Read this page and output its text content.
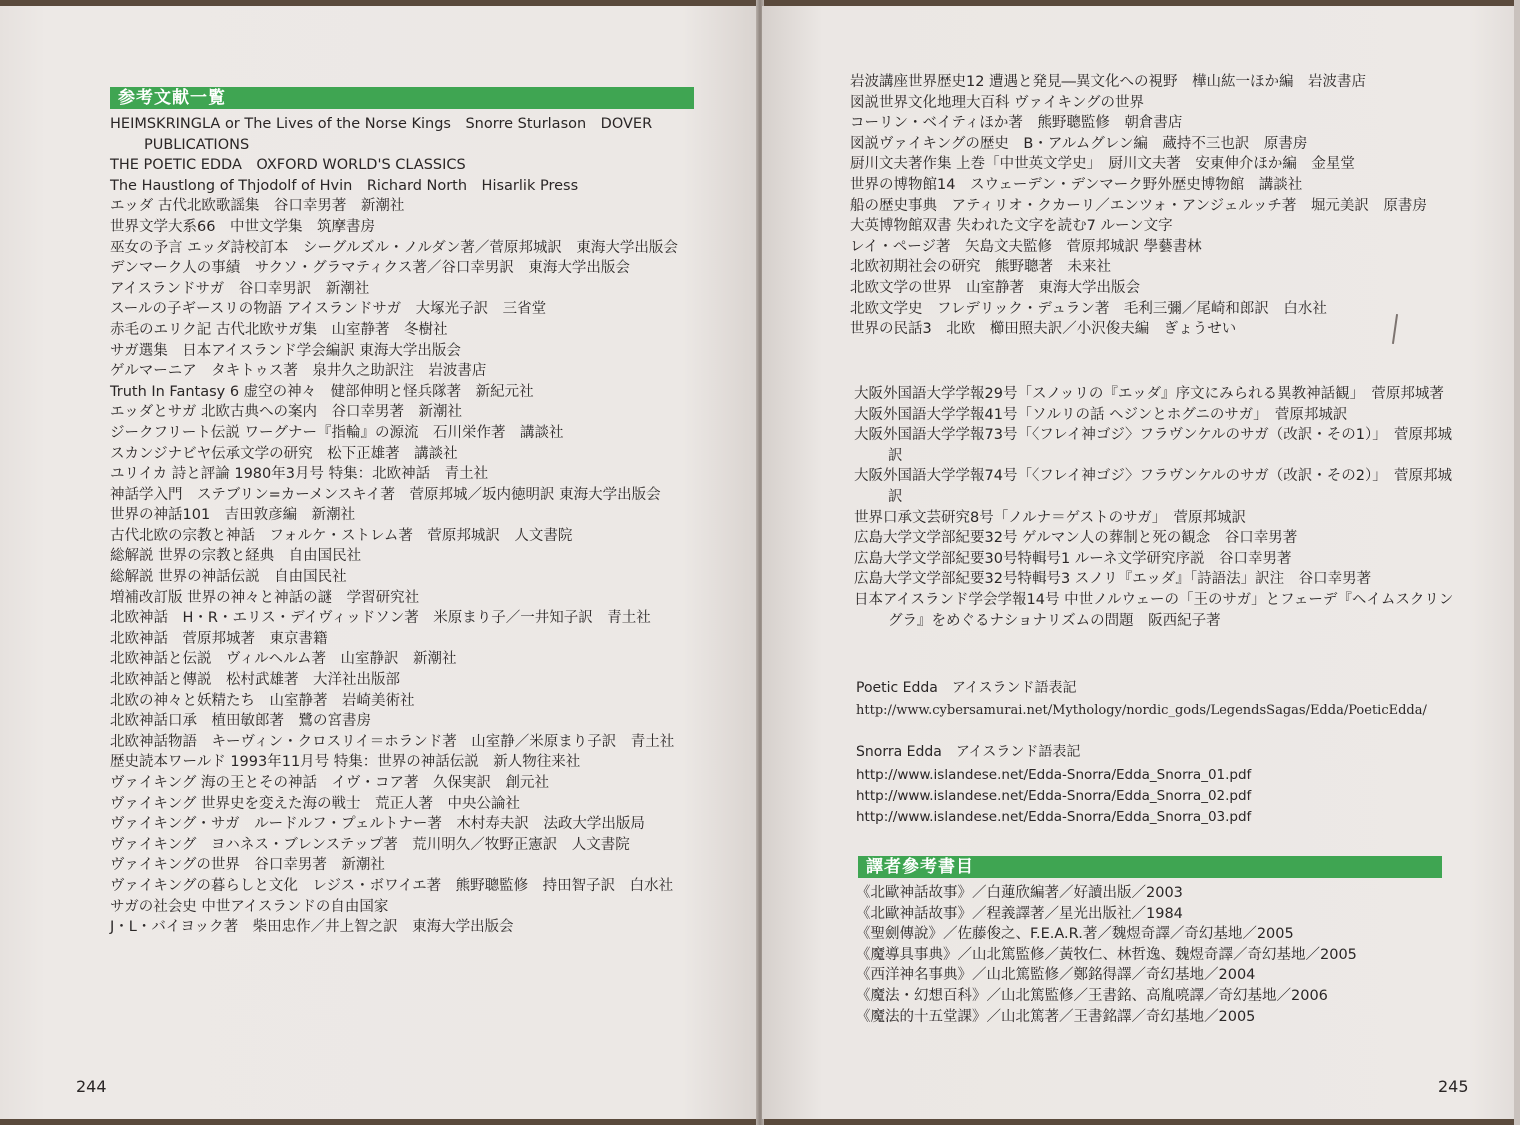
参考文献一覧
HEIMSKRINGLA or The Lives of the Norse Kings　Snorre Sturlason　DOVER PUBLICATIONS
THE POETIC EDDA　OXFORD WORLD'S CLASSICS
The Haustlong of Thjodolf of Hvin　Richard North　Hisarlik Press
エッダ 古代北欧歌謡集　谷口幸男著　新潮社
世界文学大系66　中世文学集　筑摩書房
巫女の予言 エッダ詩校訂本　シーグルズル・ノルダン著／菅原邦城訳　東海大学出版会
デンマーク人の事績　サクソ・グラマティクス著／谷口幸男訳　東海大学出版会
アイスランドサガ　谷口幸男訳　新潮社
スールの子ギースリの物語 アイスランドサガ　大塚光子訳　三省堂
赤毛のエリク記 古代北欧サガ集　山室静著　冬樹社
サガ選集　日本アイスランド学会編訳 東海大学出版会
ゲルマーニア　タキトゥス著　泉井久之助訳注　岩波書店
Truth In Fantasy 6 虚空の神々　健部伸明と怪兵隊著　新紀元社
エッダとサガ 北欧古典への案内　谷口幸男著　新潮社
ジークフリート伝説 ワーグナー『指輪』の源流　石川栄作著　講談社
スカンジナビヤ伝承文学の研究　松下正雄著　講談社
ユリイカ 詩と評論 1980年3月号 特集：北欧神話　青土社
神話学入門　ステブリン=カーメンスキイ著　菅原邦城／坂内徳明訳 東海大学出版会
世界の神話101　吉田敦彦編　新潮社
古代北欧の宗教と神話　フォルケ・ストレム著　菅原邦城訳　人文書院
総解説 世界の宗教と経典　自由国民社
総解説 世界の神話伝説　自由国民社
増補改訂版 世界の神々と神話の謎　学習研究社
北欧神話　H・R・エリス・デイヴィッドソン著　米原まり子／一井知子訳　青土社
北欧神話　菅原邦城著　東京書籍
北欧神話と伝説　ヴィルヘルム著　山室静訳　新潮社
北欧神話と傳説　松村武雄著　大洋社出版部
北欧の神々と妖精たち　山室静著　岩崎美術社
北欧神話口承　植田敏郎著　鷺の宮書房
北欧神話物語　キーヴィン・クロスリイ＝ホランド著　山室静／米原まり子訳　青土社
歴史読本ワールド 1993年11月号 特集：世界の神話伝説　新人物往来社
ヴァイキング 海の王とその神話　イヴ・コア著　久保実訳　創元社
ヴァイキング 世界史を変えた海の戦士　荒正人著　中央公論社
ヴァイキング・サガ　ルードルフ・プェルトナー著　木村寿夫訳　法政大学出版局
ヴァイキング　ヨハネス・ブレンステップ著　荒川明久／牧野正憲訳　人文書院
ヴァイキングの世界　谷口幸男著　新潮社
ヴァイキングの暮らしと文化　レジス・ボワイエ著　熊野聰監修　持田智子訳　白水社
サガの社会史 中世アイスランドの自由国家
J・L・バイヨック著　柴田忠作／井上智之訳　東海大学出版会
244
岩波講座世界歴史12 遭遇と発見―異文化への視野　樺山紘一ほか編　岩波書店
図説世界文化地理大百科 ヴァイキングの世界
コーリン・ベイティほか著　熊野聰監修　朝倉書店
図説ヴァイキングの歴史　B・アルムグレン編　蔵持不三也訳　原書房
厨川文夫著作集 上巻「中世英文学史」　厨川文夫著　安東伸介ほか編　金星堂
世界の博物館14　スウェーデン・デンマーク野外歴史博物館　講談社
船の歴史事典　アティリオ・クカーリ／エンツォ・アンジェルッチ著　堀元美訳　原書房
大英博物館双書 失われた文字を読む7 ルーン文字
レイ・ページ著　矢島文夫監修　菅原邦城訳 學藝書林
北欧初期社会の研究　熊野聰著　未来社
北欧文学の世界　山室静著　東海大学出版会
北欧文学史　フレデリック・デュラン著　毛利三彌／尾崎和郎訳　白水社
世界の民話3　北欧　櫛田照夫訳／小沢俊夫編　ぎょうせい
大阪外国語大学学報29号「スノッリの『エッダ』序文にみられる異教神話観」　菅原邦城著
大阪外国語大学学報41号「ソルリの話 ヘジンとホグニのサガ」　菅原邦城訳
大阪外国語大学学報73号「〈フレイ神ゴジ〉フラヴンケルのサガ（改訳・その1）」　菅原邦城訳
大阪外国語大学学報74号「〈フレイ神ゴジ〉フラヴンケルのサガ（改訳・その2）」　菅原邦城訳
世界口承文芸研究8号「ノルナ＝ゲストのサガ」　菅原邦城訳
広島大学文学部紀要32号 ゲルマン人の葬制と死の観念　谷口幸男著
広島大学文学部紀要30号特輯号1 ルーネ文学研究序説　谷口幸男著
広島大学文学部紀要32号特輯号3 スノリ『エッダ』「詩語法」訳注　谷口幸男著
日本アイスランド学会学報14号 中世ノルウェーの「王のサガ」とフェーデ『ヘイムスクリングラ』をめぐるナショナリズムの問題　阪西紀子著
Poetic Edda　アイスランド語表記
http://www.cybersamurai.net/Mythology/nordic_gods/LegendsSagas/Edda/PoeticEdda/
Snorra Edda　アイスランド語表記
http://www.islandese.net/Edda-Snorra/Edda_Snorra_01.pdf
http://www.islandese.net/Edda-Snorra/Edda_Snorra_02.pdf
http://www.islandese.net/Edda-Snorra/Edda_Snorra_03.pdf
譯者參考書目
《北歐神話故事》／白蓮欣編著／好讀出版／2003
《北歐神話故事》／程義譯著／星光出版社／1984
《聖劍傳說》／佐藤俊之、F.E.A.R.著／魏煜奇譯／奇幻基地／2005
《魔導具事典》／山北篤監修／黃牧仁、林哲逸、魏煜奇譯／奇幻基地／2005
《西洋神名事典》／山北篤監修／鄭銘得譯／奇幻基地／2004
《魔法・幻想百科》／山北篤監修／王書銘、高胤喨譯／奇幻基地／2006
《魔法的十五堂課》／山北篤著／王書銘譯／奇幻基地／2005
245
